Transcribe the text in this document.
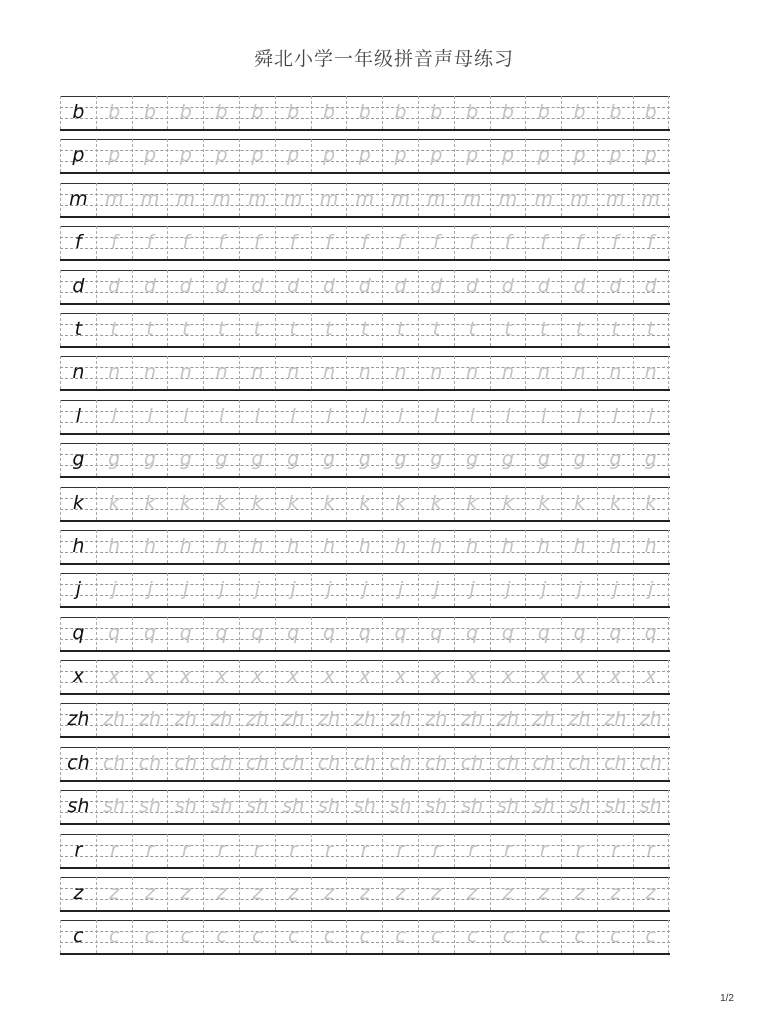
舜北小学一年级拼音声母练习
b	b	b	b	b	b	b	b	b	b	b	b	b	b	b	b	b
p	p	p	p	p	p	p	p	p	p	p	p	p	p	p	p	p
m m m m m m m m m m m m m m m m m
f	f	f	f	f	f	f	f	f	f	f	f	f	f	f	f	f
d	d	d	d	d	d	d	d	d	d	d	d	d	d	d	d	d
t	t	t	t	t	t	t	t	t	t	t	t	t	t	t	t	t
n	n	n	n	n	n	n	n	n	n	n	n	n	n	n	n	n
l	l	l	l	l	l	l	l	l	l	l	l	l	l	l	l	l
g	g	g	g	g	g	g	g	g	g	g	g	g	g	g	g	g
k	k	k	k	k	k	k	k	k	k	k	k	k	k	k	k	k
h	h	h	h	h	h	h	h	h	h	h	h	h	h	h	h	h
j	j	j	j	j	j	j	j	j	j	j	j	j	j	j	j	j
q	q	q	q	q	q	q	q	q	q	q	q	q	q	q	q	q
x	x	x	x	x	x	x	x	x	x	x	x	x	x	x	x	x
zh zh zh zh zh zh zh zh zh zh zh zh zh zh zh zh zh
ch ch ch ch ch ch ch ch ch ch ch ch ch ch ch ch ch
sh sh sh sh sh sh sh sh sh sh sh sh sh sh sh sh sh
r	r	r	r	r	r	r	r	r	r	r	r	r	r	r	r	r
z	z	z	z	z	z	z	z	z	z	z	z	z	z	z	z	z
c	c	c	c	c	c	c	c	c	c	c	c	c	c	c	c	c
1/2
